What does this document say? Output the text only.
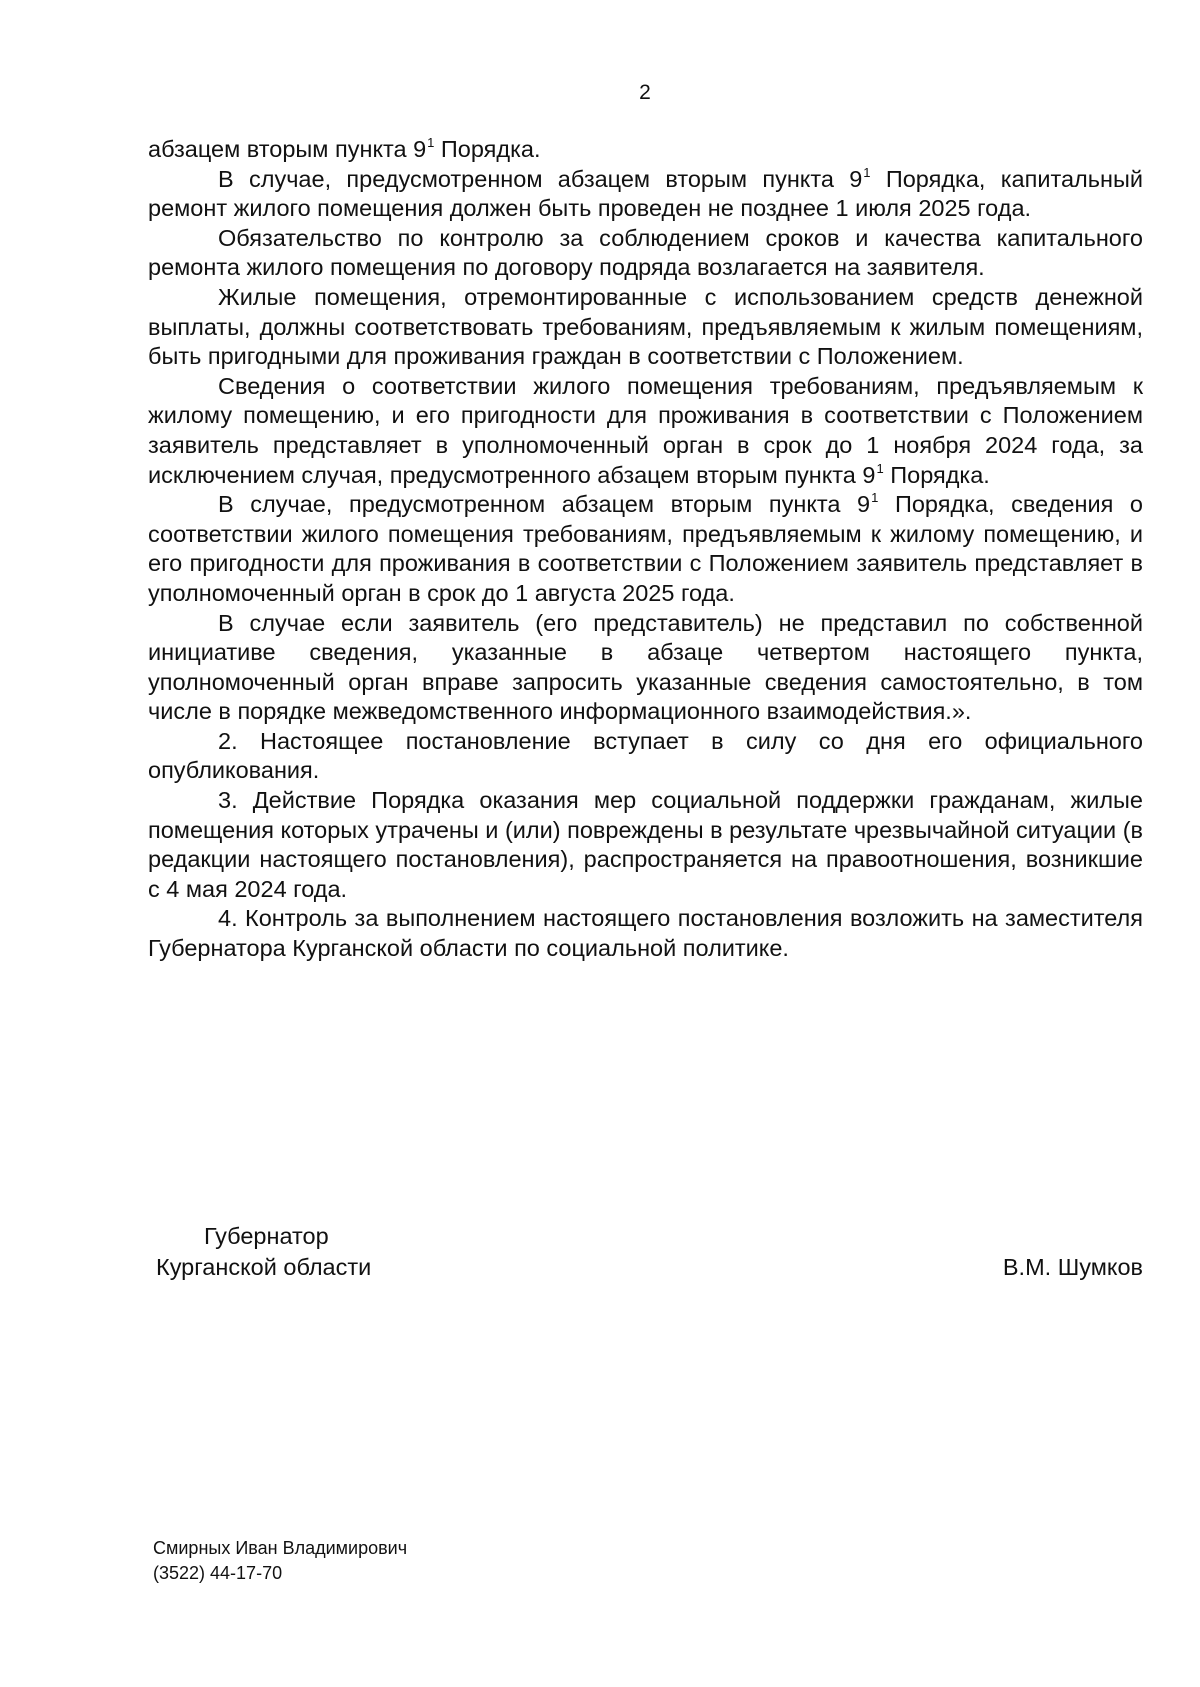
2

абзацем вторым пункта $9^1$ Порядка.

В случае, предусмотренном абзацем вторым пункта $9^1$ Порядка, капитальный ремонт жилого помещения должен быть проведен не позднее 1 июля 2025 года.

Обязательство по контролю за соблюдением сроков и качества капитального ремонта жилого помещения по договору подряда возлагается на заявителя.

Жилые помещения, отремонтированные с использованием средств денежной выплаты, должны соответствовать требованиям, предъявляемым к жилым помещениям, быть пригодными для проживания граждан в соответствии с Положением.

Сведения о соответствии жилого помещения требованиям, предъявляемым к жилому помещению, и его пригодности для проживания в соответствии с Положением заявитель представляет в уполномоченный орган в срок до 1 ноября 2024 года, за исключением случая, предусмотренного абзацем вторым пункта $9^1$ Порядка.

В случае, предусмотренном абзацем вторым пункта $9^1$ Порядка, сведения о соответствии жилого помещения требованиям, предъявляемым к жилому помещению, и его пригодности для проживания в соответствии с Положением заявитель представляет в уполномоченный орган в срок до 1 августа 2025 года.

В случае если заявитель (его представитель) не представил по собственной инициативе сведения, указанные в абзаце четвертом настоящего пункта, уполномоченный орган вправе запросить указанные сведения самостоятельно, в том числе в порядке межведомственного информационного взаимодействия.».

2. Настоящее постановление вступает в силу со дня его официального опубликования.

3. Действие Порядка оказания мер социальной поддержки гражданам, жилые помещения которых утрачены и (или) повреждены в результате чрезвычайной ситуации (в редакции настоящего постановления), распространяется на правоотношения, возникшие с 4 мая 2024 года.

4. Контроль за выполнением настоящего постановления возложить на заместителя Губернатора Курганской области по социальной политике.

Губернатор
Курганской области	В.М. Шумков
Смирных Иван Владимирович
(3522) 44-17-70
